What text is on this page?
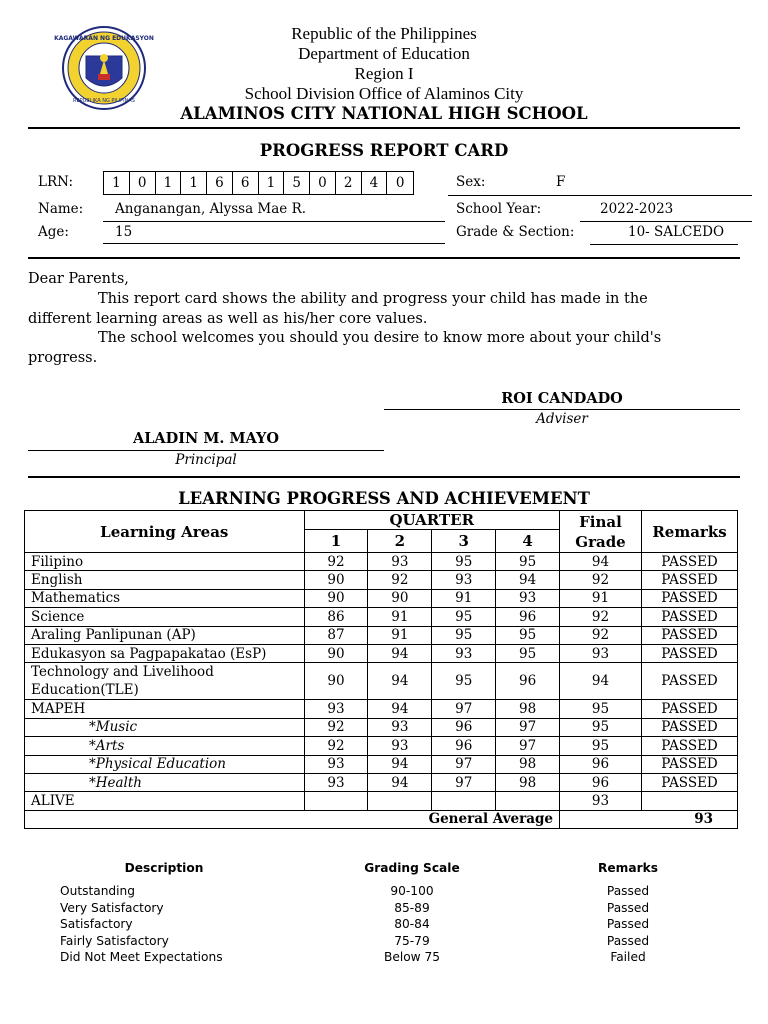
KAGAWARAN NG EDUKASYON
REPUBLIKA NG PILIPINAS
Republic of the Philippines
Department of Education
Region I
School Division Office of Alaminos City
ALAMINOS CITY NATIONAL HIGH SCHOOL
PROGRESS REPORT CARD
LRN:	1	0	1	1	6	6	1	5	0	2	4	0
Name:	Anganangan, Alyssa Mae R.
Age:	15
Sex:	F
School Year:	2022-2023
Grade & Section:	10- SALCEDO
Dear Parents,
This report card shows the ability and progress your child has made in the
different learning areas as well as his/her core values.
The school welcomes you should you desire to know more about your child's
progress.
ROI CANDADO
Adviser
ALADIN M. MAYO
Principal
LEARNING PROGRESS AND ACHIEVEMENT
Learning Areas	QUARTER				Final Grade	Remarks
	1	2	3	4		
Filipino	92	93	95	95	94	PASSED
English	90	92	93	94	92	PASSED
Mathematics	90	90	91	93	91	PASSED
Science	86	91	95	96	92	PASSED
Araling Panlipunan (AP)	87	91	95	95	92	PASSED
Edukasyon sa Pagpapakatao (EsP)	90	94	93	95	93	PASSED
Technology and Livelihood Education(TLE)	90	94	95	96	94	PASSED
MAPEH	93	94	97	98	95	PASSED
*Music	92	93	96	97	95	PASSED
*Arts	92	93	96	97	95	PASSED
*Physical Education	93	94	97	98	96	PASSED
*Health	93	94	97	98	96	PASSED
ALIVE					93	
General Average					93	
Description	Grading Scale	Remarks
Outstanding	90-100	Passed
Very Satisfactory	85-89	Passed
Satisfactory	80-84	Passed
Fairly Satisfactory	75-79	Passed
Did Not Meet Expectations	Below 75	Failed
